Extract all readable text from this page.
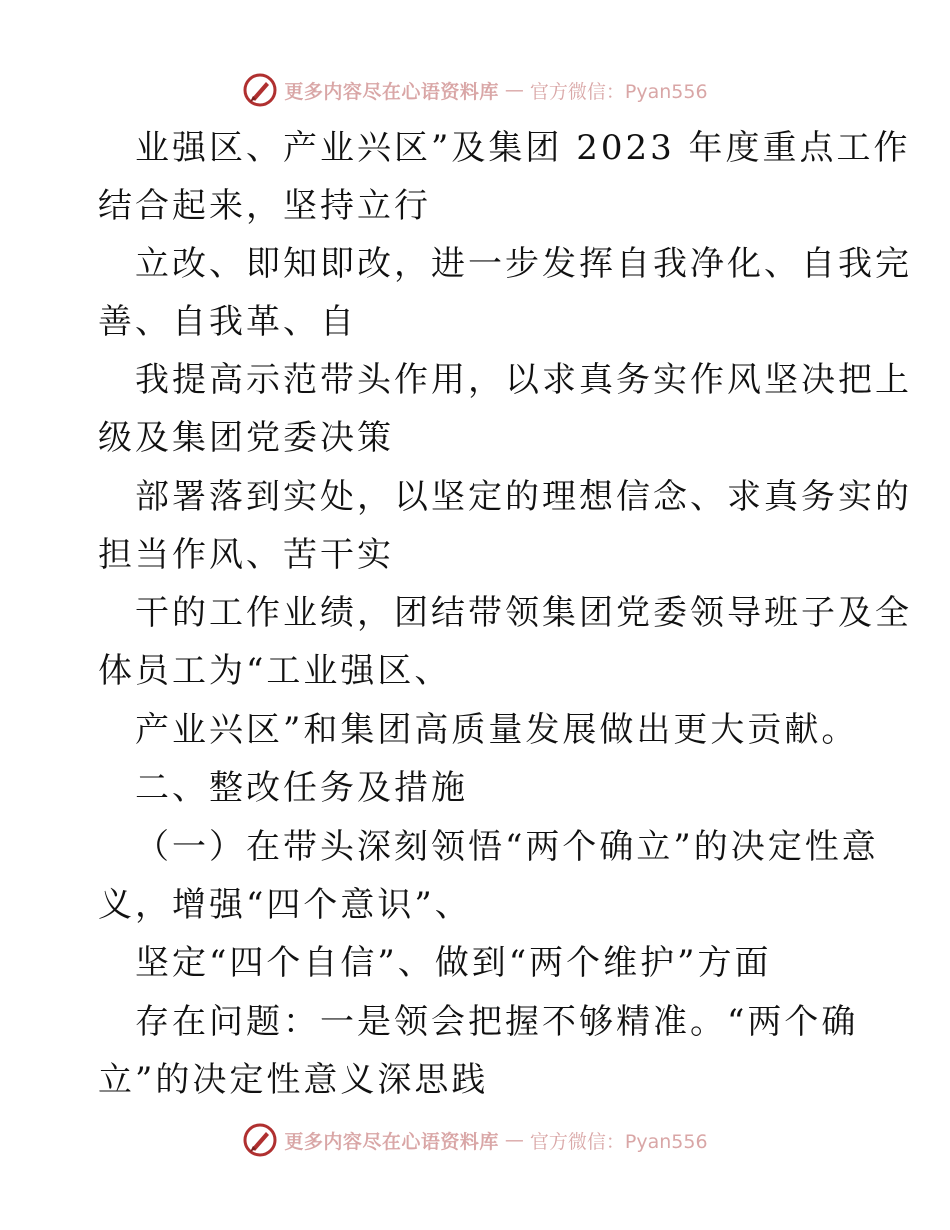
更多内容尽在心语资料库 — 官方微信：Pyan556
业强区、产业兴区”及集团 2023 年度重点工作
结合起来，坚持立行
立改、即知即改，进一步发挥自我净化、自我完
善、自我革、自
我提高示范带头作用，以求真务实作风坚决把上
级及集团党委决策
部署落到实处，以坚定的理想信念、求真务实的
担当作风、苦干实
干的工作业绩，团结带领集团党委领导班子及全
体员工为“工业强区、
产业兴区”和集团高质量发展做出更大贡献。
二、整改任务及措施
（一）在带头深刻领悟“两个确立”的决定性意
义，增强“四个意识”、
坚定“四个自信”、做到“两个维护”方面
存在问题：一是领会把握不够精准。“两个确
立”的决定性意义深思践
更多内容尽在心语资料库 — 官方微信：Pyan556
